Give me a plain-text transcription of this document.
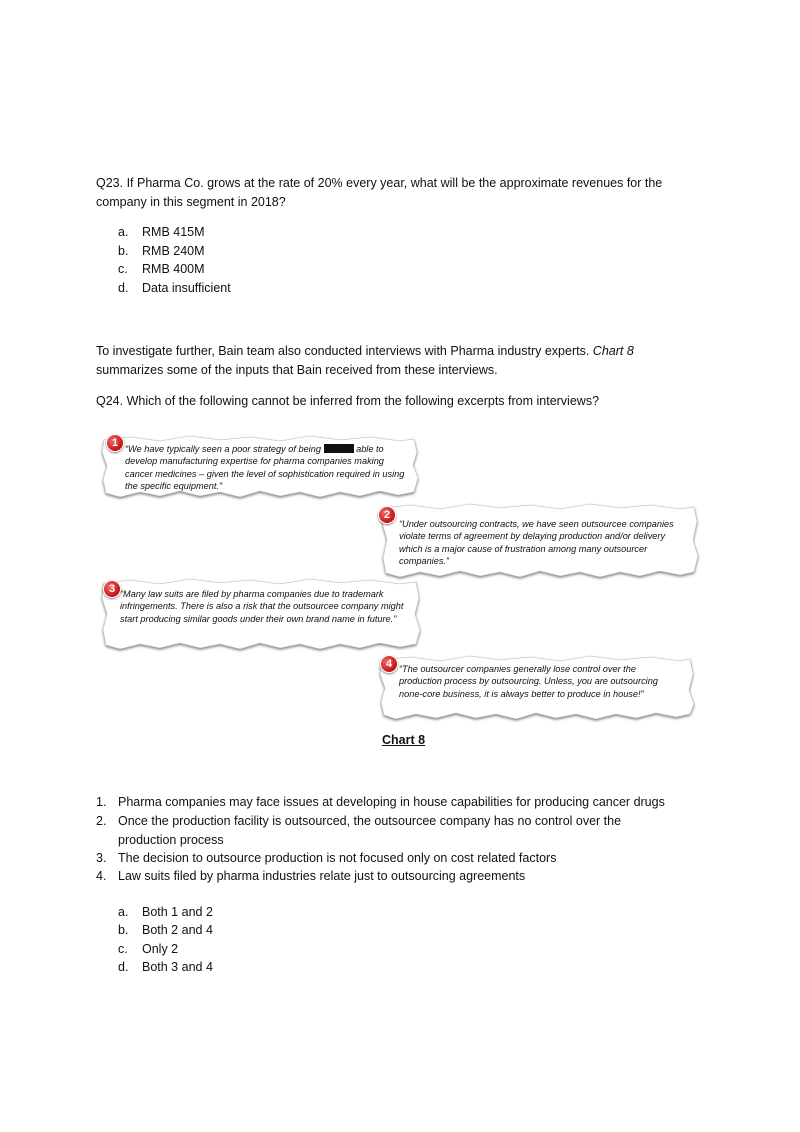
Q23. If Pharma Co. grows at the rate of 20% every year, what will be the approximate revenues for the company in this segment in 2018?
a. RMB 415M
b. RMB 240M
c. RMB 400M
d. Data insufficient
To investigate further, Bain team also conducted interviews with Pharma industry experts. Chart 8 summarizes some of the inputs that Bain received from these interviews.
Q24. Which of the following cannot be inferred from the following excerpts from interviews?
1 “We have typically seen a poor strategy of being	able to develop manufacturing expertise for pharma companies making cancer medicines – given the level of sophistication required in using the specific equipment.”
2
“Under outsourcing contracts, we have seen outsourcee companies violate terms of agreement by delaying production and/or delivery which is a major cause of frustration among many outsourcer companies.”
3 “Many law suits are filed by pharma companies due to trademark infringements. There is also a risk that the outsourcee company might start producing similar goods under their own brand name in future.”
4 “The outsourcer companies generally lose control over the production process by outsourcing. Unless, you are outsourcing none-core business, it is always better to produce in house!”
Chart 8
1. Pharma companies may face issues at developing in house capabilities for producing cancer drugs
2. Once the production facility is outsourced, the outsourcee company has no control over the production process
3. The decision to outsource production is not focused only on cost related factors
4. Law suits filed by pharma industries relate just to outsourcing agreements
a. Both 1 and 2
b. Both 2 and 4
c. Only 2
d. Both 3 and 4
